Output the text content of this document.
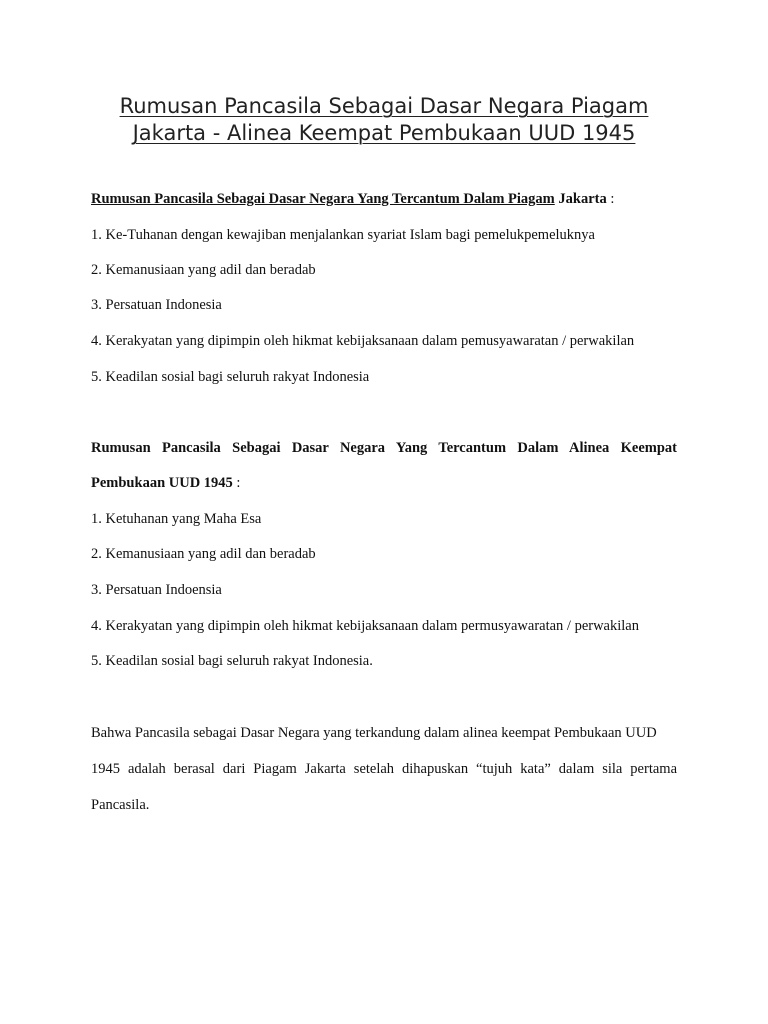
Rumusan Pancasila Sebagai Dasar Negara Piagam
Jakarta - Alinea Keempat Pembukaan UUD 1945
Rumusan Pancasila Sebagai Dasar Negara Yang Tercantum Dalam Piagam Jakarta :
1. Ke-Tuhanan dengan kewajiban menjalankan syariat Islam bagi pemelukpemeluknya
2. Kemanusiaan yang adil dan beradab
3. Persatuan Indonesia
4. Kerakyatan yang dipimpin oleh hikmat kebijaksanaan dalam pemusyawaratan / perwakilan
5. Keadilan sosial bagi seluruh rakyat Indonesia
Rumusan Pancasila Sebagai Dasar Negara Yang Tercantum Dalam Alinea Keempat
Pembukaan UUD 1945 :
1. Ketuhanan yang Maha Esa
2. Kemanusiaan yang adil dan beradab
3. Persatuan Indoensia
4. Kerakyatan yang dipimpin oleh hikmat kebijaksanaan dalam permusyawaratan / perwakilan
5. Keadilan sosial bagi seluruh rakyat Indonesia.
Bahwa Pancasila sebagai Dasar Negara yang terkandung dalam alinea keempat Pembukaan UUD
1945 adalah berasal dari Piagam Jakarta setelah dihapuskan “tujuh kata” dalam sila pertama
Pancasila.
